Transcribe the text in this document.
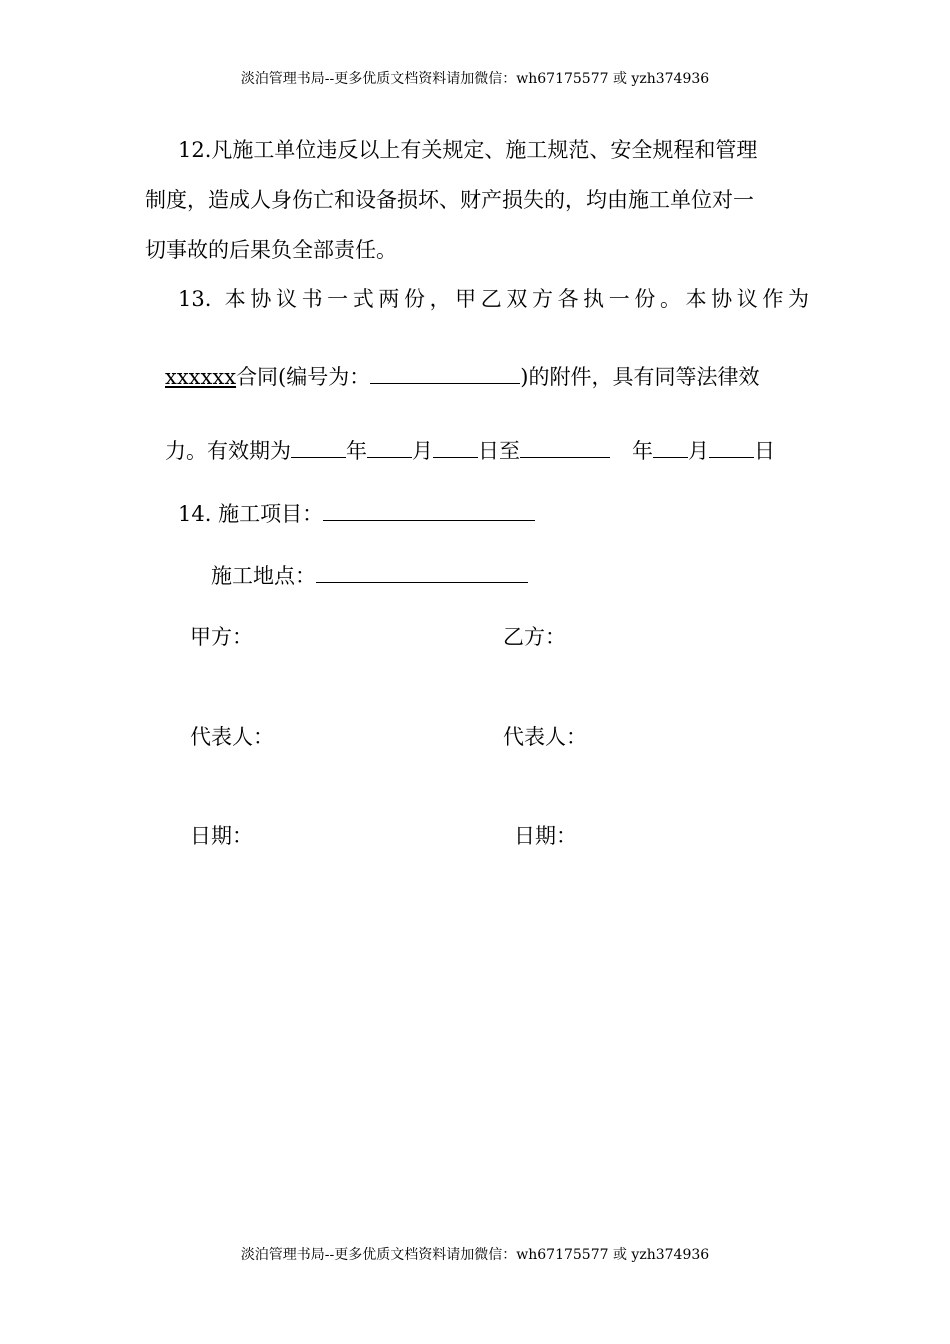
淡泊管理书局--更多优质文档资料请加微信：wh67175577 或 yzh374936
12.凡施工单位违反以上有关规定、施工规范、安全规程和管理
制度，造成人身伤亡和设备损坏、财产损失的，均由施工单位对一
切事故的后果负全部责任。
13. 本协议书一式两份，甲乙双方各执一份。本协议作为
xxxxxx合同(编号为：	)的附件，具有同等法律效
力。有效期为	年 月 日至	年 月 日
14. 施工项目：
施工地点：
甲方：	乙方：
代表人：	代表人：
日期：	日期：
淡泊管理书局--更多优质文档资料请加微信：wh67175577 或 yzh374936
